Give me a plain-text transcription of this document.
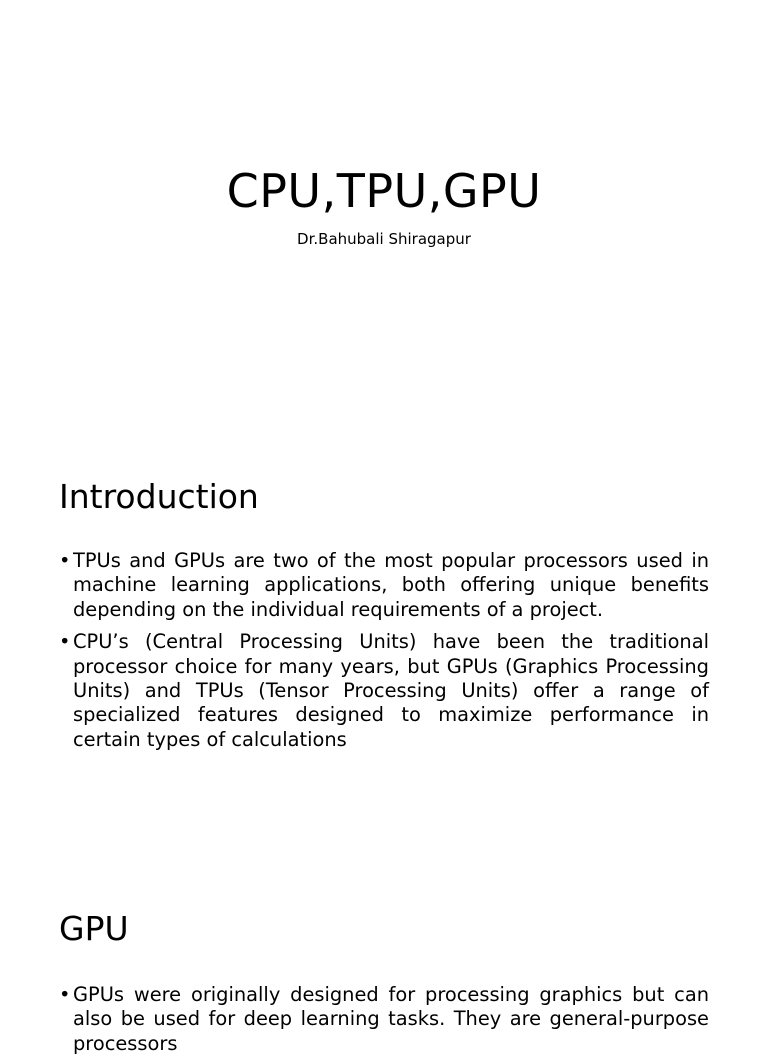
CPU,TPU,GPU
Dr.Bahubali Shiragapur
Introduction
• TPUs and GPUs are two of the most popular processors used in machine learning applications, both offering unique benefits depending on the individual requirements of a project.
• CPU’s (Central Processing Units) have been the traditional processor choice for many years, but GPUs (Graphics Processing Units) and TPUs (Tensor Processing Units) offer a range of specialized features designed to maximize performance in certain types of calculations
GPU
• GPUs were originally designed for processing graphics but can also be used for deep learning tasks. They are general-purpose processors
